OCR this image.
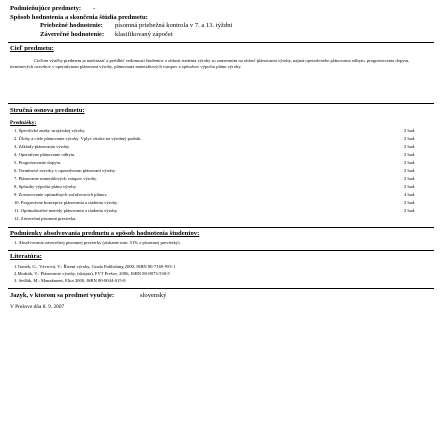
Podmieňujúce predmety: -
Spôsob hodnotenia a skončenia štúdia predmetu:
Priebežné hodnotenie: písomná priebežná kontrola v 7. a 13. týždni
Záverečné hodnotenie: klasifikovaný zápočet
Cieľ predmetu:
Cieľom výučby predmetu je nadviazať a prehĺbiť vedomosti študentov z oblasti riadenia výroby so zameraním na oblasť plánovania výroby, najmä operatívneho plánovania odbytu, prognózovania dopytu, termínových rozvrhov v operatívnom plánovaní výroby, plánovania materiálových vstupov a spôsobov výpočtu plánu výroby.
Stručná osnova predmetu:
Prednášky:
1. Špecifické znaky strojárskej výroby.	2 hod.
2. Úlohy a ciele plánovania výroby. Vplyv okolia na výrobný podnik.	2 hod.
3. Základy plánovania výroby.	2 hod.
4. Operatívne plánovanie odbytu.	2 hod.
5. Prognózovanie dopytu.	2 hod.
6. Termínové rozvrhy v operatívnom plánovaní výroby.	2 hod.
7. Plánovanie materiálových vstupov výroby.	2 hod.
8. Spôsoby výpočtu plánu výroby.	2 hod.
9. Zostavovanie optimálnych zaťažovacích plánov.	4 hod.
10. Progresívne koncepcie plánovania a riadenia výroby.	2 hod.
11. Optimalizačné metódy plánovania a riadenia výroby.	2 hod.
12. Záverečná písomná previerka.
Podmienky absolvovania predmetu a spôsob hodnotenia študentov:
1. Absolvovanie záverečnej písomnej previerky (získanie min. 51% z písomnej previerky).
Literatúra:
1.Tomek, G., Vávrová, V.: Řízení výroby, Grada Publishing 2000, ISBN 80-7169-955-1
2.Modrák, V.: Plánovanie výroby, (skripta), FVT Prešov, 2006, ISBN 80-8073-530-5
3. Sedlák, M.: Manažment, Elita 2000, ISBN 80-8044-015-8
Jazyk, v ktorom sa predmet vyučuje:	slovenský
V Prešove dňa 8. 9. 2007
